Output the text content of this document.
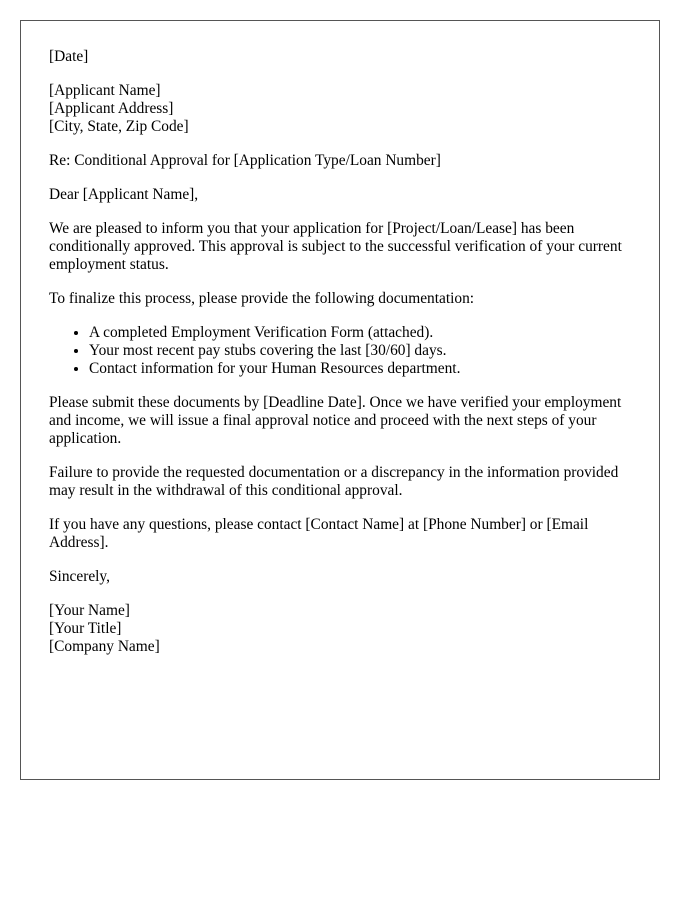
[Date]

[Applicant Name]
[Applicant Address]
[City, State, Zip Code]

Re: Conditional Approval for [Application Type/Loan Number]

Dear [Applicant Name],

We are pleased to inform you that your application for [Project/Loan/Lease] has been conditionally approved. This approval is subject to the successful verification of your current employment status.

To finalize this process, please provide the following documentation:

• A completed Employment Verification Form (attached).
• Your most recent pay stubs covering the last [30/60] days.
• Contact information for your Human Resources department.

Please submit these documents by [Deadline Date]. Once we have verified your employment and income, we will issue a final approval notice and proceed with the next steps of your application.

Failure to provide the requested documentation or a discrepancy in the information provided may result in the withdrawal of this conditional approval.

If you have any questions, please contact [Contact Name] at [Phone Number] or [Email Address].

Sincerely,

[Your Name]
[Your Title]
[Company Name]
